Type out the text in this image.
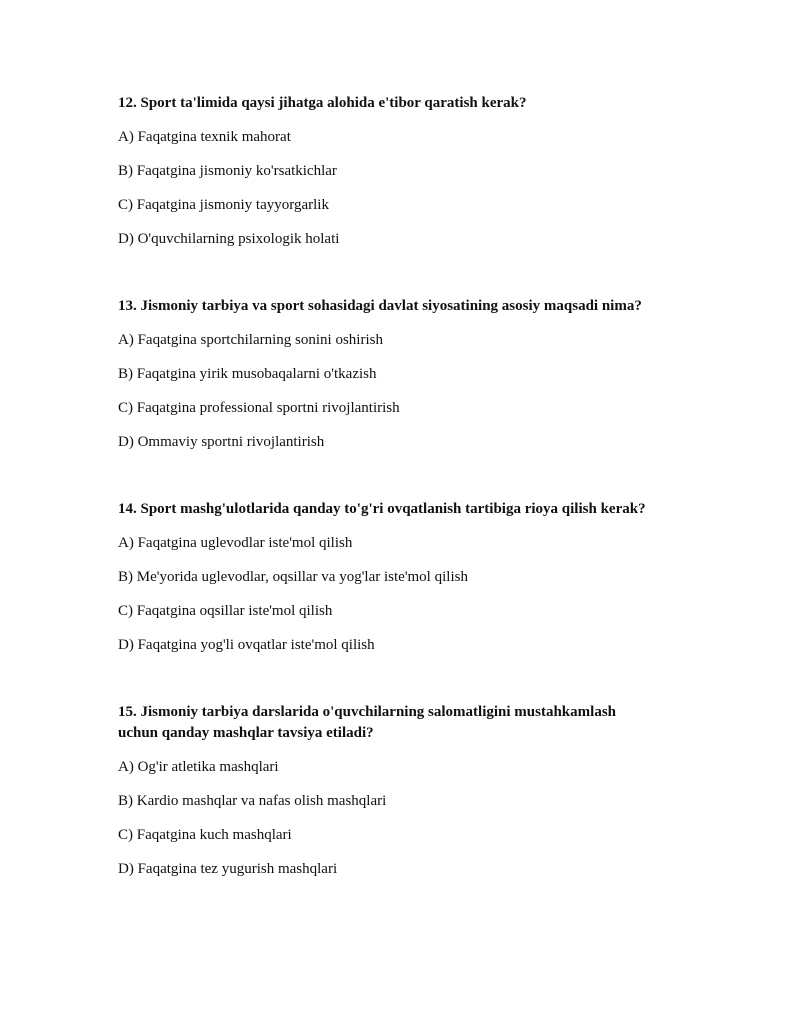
12. Sport ta'limida qaysi jihatga alohida e'tibor qaratish kerak?

A) Faqatgina texnik mahorat

B) Faqatgina jismoniy ko'rsatkichlar

C) Faqatgina jismoniy tayyorgarlik

D) O'quvchilarning psixologik holati

13. Jismoniy tarbiya va sport sohasidagi davlat siyosatining asosiy maqsadi nima?

A) Faqatgina sportchilarning sonini oshirish

B) Faqatgina yirik musobaqalarni o'tkazish

C) Faqatgina professional sportni rivojlantirish

D) Ommaviy sportni rivojlantirish

14. Sport mashg'ulotlarida qanday to'g'ri ovqatlanish tartibiga rioya qilish kerak?

A) Faqatgina uglevodlar iste'mol qilish

B) Me'yorida uglevodlar, oqsillar va yog'lar iste'mol qilish

C) Faqatgina oqsillar iste'mol qilish

D) Faqatgina yog'li ovqatlar iste'mol qilish

15. Jismoniy tarbiya darslarida o'quvchilarning salomatligini mustahkamlash uchun qanday mashqlar tavsiya etiladi?

A) Og'ir atletika mashqlari

B) Kardio mashqlar va nafas olish mashqlari

C) Faqatgina kuch mashqlari

D) Faqatgina tez yugurish mashqlari
